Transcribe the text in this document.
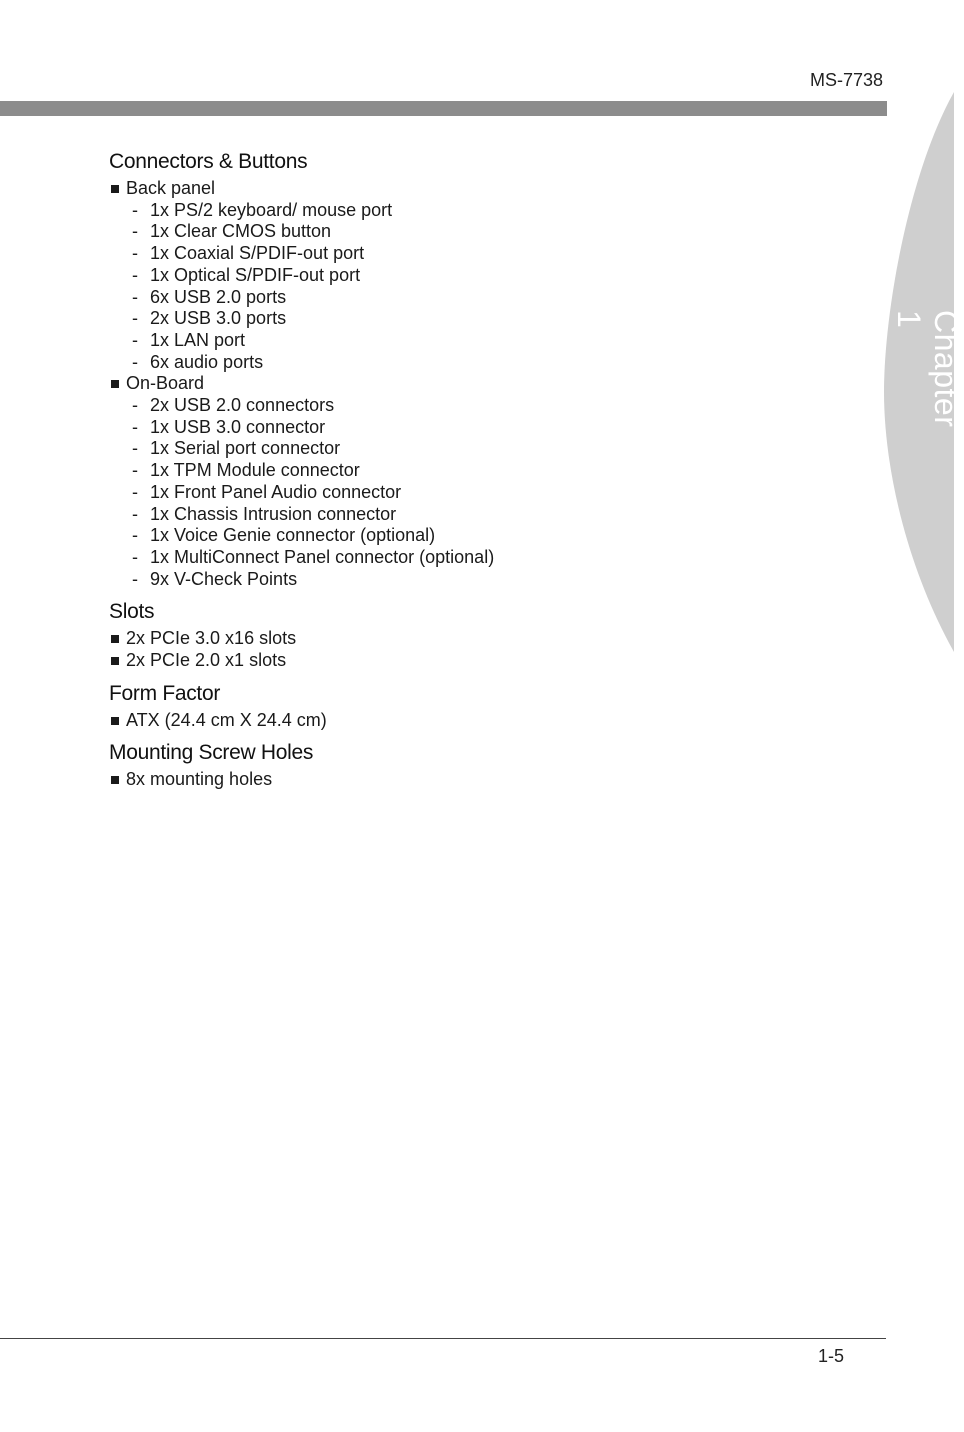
MS-7738
Chapter 1
Connectors & Buttons
Back panel
- 1x PS/2 keyboard/ mouse port
- 1x Clear CMOS button
- 1x Coaxial S/PDIF-out port
- 1x Optical S/PDIF-out port
- 6x USB 2.0 ports
- 2x USB 3.0 ports
- 1x LAN port
- 6x audio ports
On-Board
- 2x USB 2.0 connectors
- 1x USB 3.0 connector
- 1x Serial port connector
- 1x TPM Module connector
- 1x Front Panel Audio connector
- 1x Chassis Intrusion connector
- 1x Voice Genie connector (optional)
- 1x MultiConnect Panel connector (optional)
- 9x V-Check Points
Slots
2x PCIe 3.0 x16 slots
2x PCIe 2.0 x1 slots
Form Factor
ATX (24.4 cm X 24.4 cm)
Mounting Screw Holes
8x mounting holes
1-5
